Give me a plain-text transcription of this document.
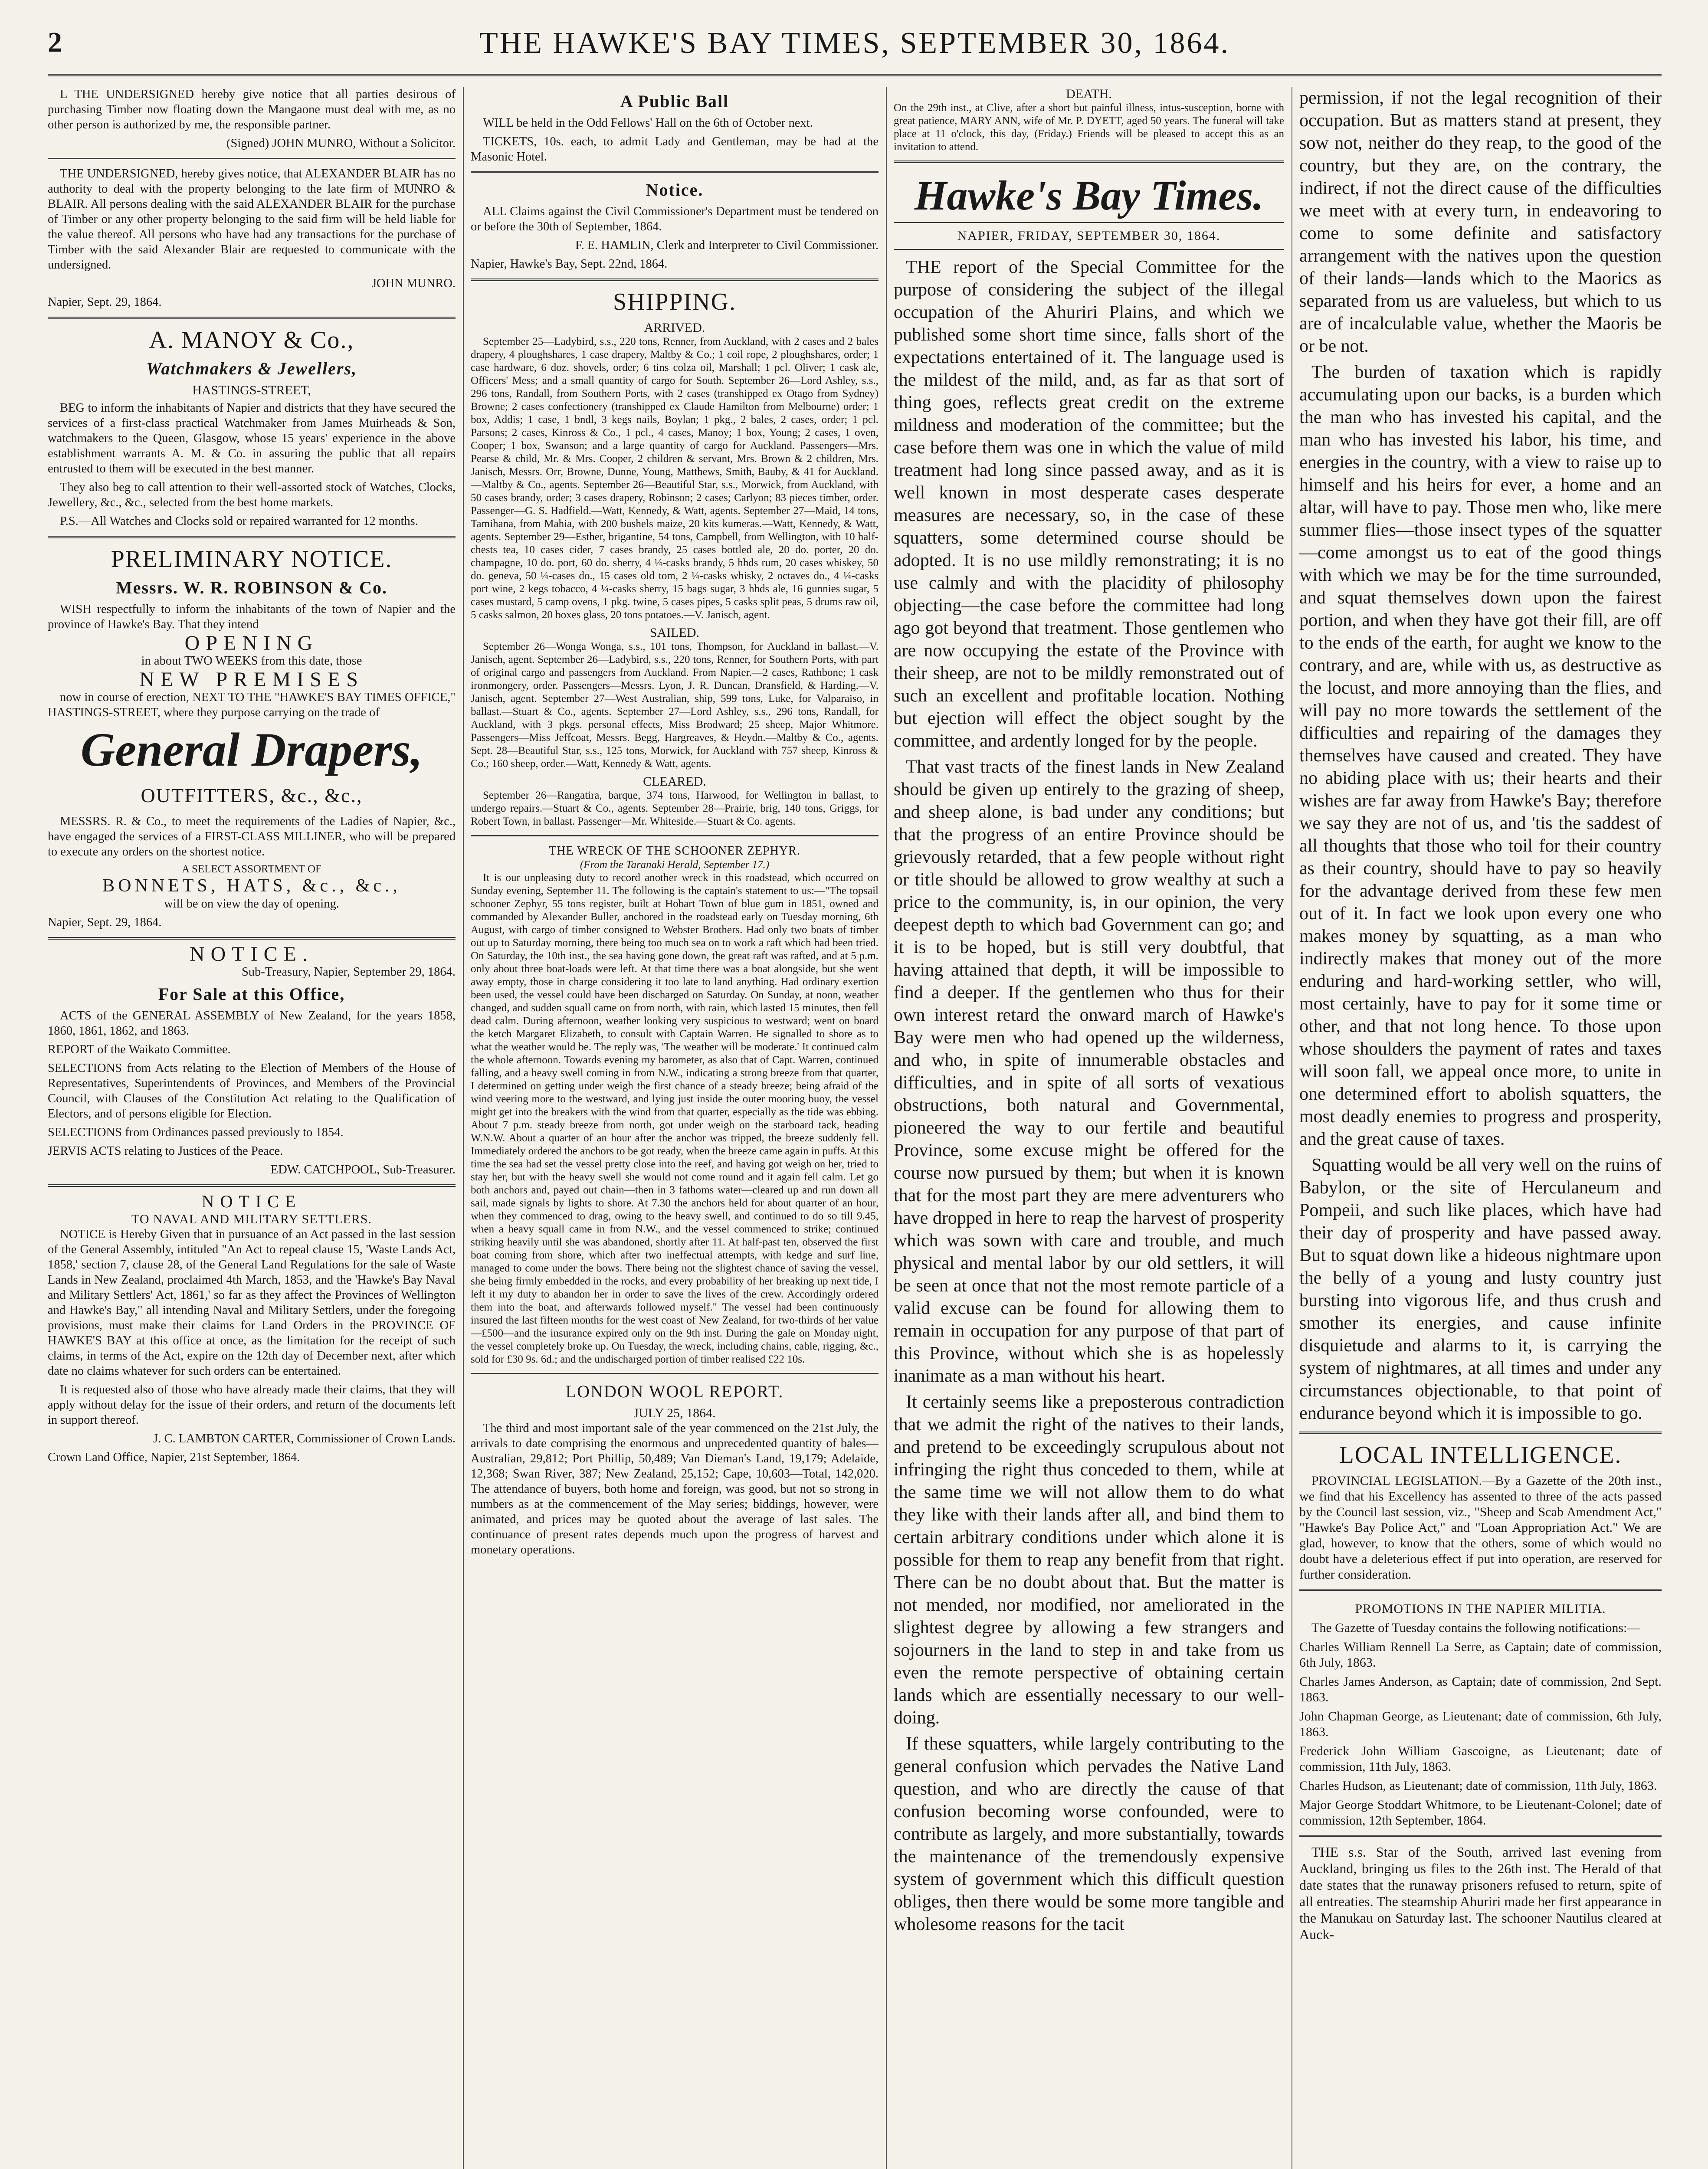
2	THE HAWKE'S BAY TIMES, SEPTEMBER 30, 1864.

L THE UNDERSIGNED hereby give notice that all parties desirous of purchasing Timber now floating down the Mangaone must deal with me, as no other person is authorized by me, the responsible partner.

(Signed) JOHN MUNRO, Without a Solicitor.

THE UNDERSIGNED, hereby gives notice, that ALEXANDER BLAIR has no authority to deal with the property belonging to the late firm of MUNRO & BLAIR. All persons dealing with the said ALEXANDER BLAIR for the purchase of Timber or any other property belonging to the said firm will be held liable for the value thereof. All persons who have had any transactions for the purchase of Timber with the said Alexander Blair are requested to communicate with the undersigned.

JOHN MUNRO.

Napier, Sept. 29, 1864.

A. MANOY & Co.,
Watchmakers & Jewellers,
HASTINGS-STREET,

BEG to inform the inhabitants of Napier and districts that they have secured the services of a first-class practical Watchmaker from James Muirheads & Son, watchmakers to the Queen, Glasgow, whose 15 years' experience in the above establishment warrants A. M. & Co. in assuring the public that all repairs entrusted to them will be executed in the best manner.

They also beg to call attention to their well-assorted stock of Watches, Clocks, Jewellery, &c., &c., selected from the best home markets.

P.S.—All Watches and Clocks sold or repaired warranted for 12 months.

PRELIMINARY NOTICE.
Messrs. W. R. ROBINSON & Co.

WISH respectfully to inform the inhabitants of the town of Napier and the province of Hawke's Bay. That they intend

OPENING

in about TWO WEEKS from this date, those

NEW PREMISES

now in course of erection, NEXT TO THE "HAWKE'S BAY TIMES OFFICE," HASTINGS-STREET, where they purpose carrying on the trade of

General Drapers,
OUTFITTERS, &c., &c.,

MESSRS. R. & Co., to meet the requirements of the Ladies of Napier, &c., have engaged the services of a FIRST-CLASS MILLINER, who will be prepared to execute any orders on the shortest notice.

A SELECT ASSORTMENT OF
BONNETS, HATS, &c., &c.,

will be on view the day of opening.

Napier, Sept. 29, 1864.

NOTICE.

Sub-Treasury, Napier, September 29, 1864.

For Sale at this Office,

ACTS of the GENERAL ASSEMBLY of New Zealand, for the years 1858, 1860, 1861, 1862, and 1863.

REPORT of the Waikato Committee.

SELECTIONS from Acts relating to the Election of Members of the House of Representatives, Superintendents of Provinces, and Members of the Provincial Council, with Clauses of the Constitution Act relating to the Qualification of Electors, and of persons eligible for Election.

SELECTIONS from Ordinances passed previously to 1854.

JERVIS ACTS relating to Justices of the Peace.

EDW. CATCHPOOL, Sub-Treasurer.

NOTICE
TO NAVAL AND MILITARY SETTLERS.

NOTICE is Hereby Given that in pursuance of an Act passed in the last session of the General Assembly, intituled "An Act to repeal clause 15, 'Waste Lands Act, 1858,' section 7, clause 28, of the General Land Regulations for the sale of Waste Lands in New Zealand, proclaimed 4th March, 1853, and the 'Hawke's Bay Naval and Military Settlers' Act, 1861,' so far as they affect the Provinces of Wellington and Hawke's Bay," all intending Naval and Military Settlers, under the foregoing provisions, must make their claims for Land Orders in the PROVINCE OF HAWKE'S BAY at this office at once, as the limitation for the receipt of such claims, in terms of the Act, expire on the 12th day of December next, after which date no claims whatever for such orders can be entertained.

It is requested also of those who have already made their claims, that they will apply without delay for the issue of their orders, and return of the documents left in support thereof.

J. C. LAMBTON CARTER, Commissioner of Crown Lands.

Crown Land Office, Napier, 21st September, 1864.

A Public Ball

WILL be held in the Odd Fellows' Hall on the 6th of October next.

TICKETS, 10s. each, to admit Lady and Gentleman, may be had at the Masonic Hotel.

Notice.

ALL Claims against the Civil Commissioner's Department must be tendered on or before the 30th of September, 1864.

F. E. HAMLIN, Clerk and Interpreter to Civil Commissioner.

Napier, Hawke's Bay, Sept. 22nd, 1864.

SHIPPING.
ARRIVED.

September 25—Ladybird, s.s., 220 tons, Renner, from Auckland, with 2 cases and 2 bales drapery, 4 ploughshares, 1 case drapery, Maltby & Co.; 1 coil rope, 2 ploughshares, order; 1 case hardware, 6 doz. shovels, order; 6 tins colza oil, Marshall; 1 pcl. Oliver; 1 cask ale, Officers' Mess; and a small quantity of cargo for South. September 26—Lord Ashley, s.s., 296 tons, Randall, from Southern Ports, with 2 cases (transhipped ex Otago from Sydney) Browne; 2 cases confectionery (transhipped ex Claude Hamilton from Melbourne) order; 1 box, Addis; 1 case, 1 bndl, 3 kegs nails, Boylan; 1 pkg., 2 bales, 2 cases, order; 1 pcl. Parsons; 2 cases, Kinross & Co., 1 pcl., 4 cases, Manoy; 1 box, Young; 2 cases, 1 oven, Cooper; 1 box, Swanson; and a large quantity of cargo for Auckland. Passengers—Mrs. Pearse & child, Mr. & Mrs. Cooper, 2 children & servant, Mrs. Brown & 2 children, Mrs. Janisch, Messrs. Orr, Browne, Dunne, Young, Matthews, Smith, Bauby, & 41 for Auckland.—Maltby & Co., agents. September 26—Beautiful Star, s.s., Morwick, from Auckland, with 50 cases brandy, order; 3 cases drapery, Robinson; 2 cases; Carlyon; 83 pieces timber, order. Passenger—G. S. Hadfield.—Watt, Kennedy, & Watt, agents. September 27—Maid, 14 tons, Tamihana, from Mahia, with 200 bushels maize, 20 kits kumeras.—Watt, Kennedy, & Watt, agents. September 29—Esther, brigantine, 54 tons, Campbell, from Wellington, with 10 half-chests tea, 10 cases cider, 7 cases brandy, 25 cases bottled ale, 20 do. porter, 20 do. champagne, 10 do. port, 60 do. sherry, 4 ¼-casks brandy, 5 hhds rum, 20 cases whiskey, 50 do. geneva, 50 ¼-cases do., 15 cases old tom, 2 ¼-casks whisky, 2 octaves do., 4 ¼-casks port wine, 2 kegs tobacco, 4 ¼-casks sherry, 15 bags sugar, 3 hhds ale, 16 gunnies sugar, 5 cases mustard, 5 camp ovens, 1 pkg. twine, 5 cases pipes, 5 casks split peas, 5 drums raw oil, 5 casks salmon, 20 boxes glass, 20 tons potatoes.—V. Janisch, agent.

SAILED.

September 26—Wonga Wonga, s.s., 101 tons, Thompson, for Auckland in ballast.—V. Janisch, agent. September 26—Ladybird, s.s., 220 tons, Renner, for Southern Ports, with part of original cargo and passengers from Auckland. From Napier.—2 cases, Rathbone; 1 cask ironmongery, order. Passengers—Messrs. Lyon, J. R. Duncan, Dransfield, & Harding.—V. Janisch, agent. September 27—West Australian, ship, 599 tons, Luke, for Valparaiso, in ballast.—Stuart & Co., agents. September 27—Lord Ashley, s.s., 296 tons, Randall, for Auckland, with 3 pkgs. personal effects, Miss Brodward; 25 sheep, Major Whitmore. Passengers—Miss Jeffcoat, Messrs. Begg, Hargreaves, & Heydn.—Maltby & Co., agents. Sept. 28—Beautiful Star, s.s., 125 tons, Morwick, for Auckland with 757 sheep, Kinross & Co.; 160 sheep, order.—Watt, Kennedy & Watt, agents.

CLEARED.

September 26—Rangatira, barque, 374 tons, Harwood, for Wellington in ballast, to undergo repairs.—Stuart & Co., agents. September 28—Prairie, brig, 140 tons, Griggs, for Robert Town, in ballast. Passenger—Mr. Whiteside.—Stuart & Co. agents.

THE WRECK OF THE SCHOONER ZEPHYR.
(From the Taranaki Herald, September 17.)

It is our unpleasing duty to record another wreck in this roadstead, which occurred on Sunday evening, September 11. The following is the captain's statement to us:—"The topsail schooner Zephyr, 55 tons register, built at Hobart Town of blue gum in 1851, owned and commanded by Alexander Buller, anchored in the roadstead early on Tuesday morning, 6th August, with cargo of timber consigned to Webster Brothers. Had only two boats of timber out up to Saturday morning, there being too much sea on to work a raft which had been tried. On Saturday, the 10th inst., the sea having gone down, the great raft was rafted, and at 5 p.m. only about three boat-loads were left. At that time there was a boat alongside, but she went away empty, those in charge considering it too late to land anything. Had ordinary exertion been used, the vessel could have been discharged on Saturday. On Sunday, at noon, weather changed, and sudden squall came on from north, with rain, which lasted 15 minutes, then fell dead calm. During afternoon, weather looking very suspicious to westward; went on board the ketch Margaret Elizabeth, to consult with Captain Warren. He signalled to shore as to what the weather would be. The reply was, 'The weather will be moderate.' It continued calm the whole afternoon. Towards evening my barometer, as also that of Capt. Warren, continued falling, and a heavy swell coming in from N.W., indicating a strong breeze from that quarter, I determined on getting under weigh the first chance of a steady breeze; being afraid of the wind veering more to the westward, and lying just inside the outer mooring buoy, the vessel might get into the breakers with the wind from that quarter, especially as the tide was ebbing. About 7 p.m. steady breeze from north, got under weigh on the starboard tack, heading W.N.W. About a quarter of an hour after the anchor was tripped, the breeze suddenly fell. Immediately ordered the anchors to be got ready, when the breeze came again in puffs. At this time the sea had set the vessel pretty close into the reef, and having got weigh on her, tried to stay her, but with the heavy swell she would not come round and it again fell calm. Let go both anchors and, payed out chain—then in 3 fathoms water—cleared up and run down all sail, made signals by lights to shore. At 7.30 the anchors held for about quarter of an hour, when they commenced to drag, owing to the heavy swell, and continued to do so till 9.45, when a heavy squall came in from N.W., and the vessel commenced to strike; continued striking heavily until she was abandoned, shortly after 11. At half-past ten, observed the first boat coming from shore, which after two ineffectual attempts, with kedge and surf line, managed to come under the bows. There being not the slightest chance of saving the vessel, she being firmly embedded in the rocks, and every probability of her breaking up next tide, I left it my duty to abandon her in order to save the lives of the crew. Accordingly ordered them into the boat, and afterwards followed myself." The vessel had been continuously insured the last fifteen months for the west coast of New Zealand, for two-thirds of her value—£500—and the insurance expired only on the 9th inst. During the gale on Monday night, the vessel completely broke up. On Tuesday, the wreck, including chains, cable, rigging, &c., sold for £30 9s. 6d.; and the undischarged portion of timber realised £22 10s.

LONDON WOOL REPORT.
JULY 25, 1864.

The third and most important sale of the year commenced on the 21st July, the arrivals to date comprising the enormous and unprecedented quantity of bales—Australian, 29,812; Port Phillip, 50,489; Van Dieman's Land, 19,179; Adelaide, 12,368; Swan River, 387; New Zealand, 25,152; Cape, 10,603—Total, 142,020. The attendance of buyers, both home and foreign, was good, but not so strong in numbers as at the commencement of the May series; biddings, however, were animated, and prices may be quoted about the average of last sales. The continuance of present rates depends much upon the progress of harvest and monetary operations.

DEATH.

On the 29th inst., at Clive, after a short but painful illness, intus-susception, borne with great patience, MARY ANN, wife of Mr. P. DYETT, aged 50 years. The funeral will take place at 11 o'clock, this day, (Friday.) Friends will be pleased to accept this as an invitation to attend.

Hawke's Bay Times.
NAPIER, FRIDAY, SEPTEMBER 30, 1864.

THE report of the Special Committee for the purpose of considering the subject of the illegal occupation of the Ahuriri Plains, and which we published some short time since, falls short of the expectations entertained of it. The language used is the mildest of the mild, and, as far as that sort of thing goes, reflects great credit on the extreme mildness and moderation of the committee; but the case before them was one in which the value of mild treatment had long since passed away, and as it is well known in most desperate cases desperate measures are necessary, so, in the case of these squatters, some determined course should be adopted. It is no use mildly remonstrating; it is no use calmly and with the placidity of philosophy objecting—the case before the committee had long ago got beyond that treatment. Those gentlemen who are now occupying the estate of the Province with their sheep, are not to be mildly remonstrated out of such an excellent and profitable location. Nothing but ejection will effect the object sought by the committee, and ardently longed for by the people.

That vast tracts of the finest lands in New Zealand should be given up entirely to the grazing of sheep, and sheep alone, is bad under any conditions; but that the progress of an entire Province should be grievously retarded, that a few people without right or title should be allowed to grow wealthy at such a price to the community, is, in our opinion, the very deepest depth to which bad Government can go; and it is to be hoped, but is still very doubtful, that having attained that depth, it will be impossible to find a deeper. If the gentlemen who thus for their own interest retard the onward march of Hawke's Bay were men who had opened up the wilderness, and who, in spite of innumerable obstacles and difficulties, and in spite of all sorts of vexatious obstructions, both natural and Governmental, pioneered the way to our fertile and beautiful Province, some excuse might be offered for the course now pursued by them; but when it is known that for the most part they are mere adventurers who have dropped in here to reap the harvest of prosperity which was sown with care and trouble, and much physical and mental labor by our old settlers, it will be seen at once that not the most remote particle of a valid excuse can be found for allowing them to remain in occupation for any purpose of that part of this Province, without which she is as hopelessly inanimate as a man without his heart.

It certainly seems like a preposterous contradiction that we admit the right of the natives to their lands, and pretend to be exceedingly scrupulous about not infringing the right thus conceded to them, while at the same time we will not allow them to do what they like with their lands after all, and bind them to certain arbitrary conditions under which alone it is possible for them to reap any benefit from that right. There can be no doubt about that. But the matter is not mended, nor modified, nor ameliorated in the slightest degree by allowing a few strangers and sojourners in the land to step in and take from us even the remote perspective of obtaining certain lands which are essentially necessary to our well-doing.

If these squatters, while largely contributing to the general confusion which pervades the Native Land question, and who are directly the cause of that confusion becoming worse confounded, were to contribute as largely, and more substantially, towards the maintenance of the tremendously expensive system of government which this difficult question obliges, then there would be some more tangible and wholesome reasons for the tacit

permission, if not the legal recognition of their occupation. But as matters stand at present, they sow not, neither do they reap, to the good of the country, but they are, on the contrary, the indirect, if not the direct cause of the difficulties we meet with at every turn, in endeavoring to come to some definite and satisfactory arrangement with the natives upon the question of their lands—lands which to the Maorics as separated from us are valueless, but which to us are of incalculable value, whether the Maoris be or be not.

The burden of taxation which is rapidly accumulating upon our backs, is a burden which the man who has invested his capital, and the man who has invested his labor, his time, and energies in the country, with a view to raise up to himself and his heirs for ever, a home and an altar, will have to pay. Those men who, like mere summer flies—those insect types of the squatter—come amongst us to eat of the good things with which we may be for the time surrounded, and squat themselves down upon the fairest portion, and when they have got their fill, are off to the ends of the earth, for aught we know to the contrary, and are, while with us, as destructive as the locust, and more annoying than the flies, and will pay no more towards the settlement of the difficulties and repairing of the damages they themselves have caused and created. They have no abiding place with us; their hearts and their wishes are far away from Hawke's Bay; therefore we say they are not of us, and 'tis the saddest of all thoughts that those who toil for their country as their country, should have to pay so heavily for the advantage derived from these few men out of it. In fact we look upon every one who makes money by squatting, as a man who indirectly makes that money out of the more enduring and hard-working settler, who will, most certainly, have to pay for it some time or other, and that not long hence. To those upon whose shoulders the payment of rates and taxes will soon fall, we appeal once more, to unite in one determined effort to abolish squatters, the most deadly enemies to progress and prosperity, and the great cause of taxes.

Squatting would be all very well on the ruins of Babylon, or the site of Herculaneum and Pompeii, and such like places, which have had their day of prosperity and have passed away. But to squat down like a hideous nightmare upon the belly of a young and lusty country just bursting into vigorous life, and thus crush and smother its energies, and cause infinite disquietude and alarms to it, is carrying the system of nightmares, at all times and under any circumstances objectionable, to that point of endurance beyond which it is impossible to go.

LOCAL INTELLIGENCE.

PROVINCIAL LEGISLATION.—By a Gazette of the 20th inst., we find that his Excellency has assented to three of the acts passed by the Council last session, viz., "Sheep and Scab Amendment Act," "Hawke's Bay Police Act," and "Loan Appropriation Act." We are glad, however, to know that the others, some of which would no doubt have a deleterious effect if put into operation, are reserved for further consideration.

PROMOTIONS IN THE NAPIER MILITIA.

The Gazette of Tuesday contains the following notifications:—

Charles William Rennell La Serre, as Captain; date of commission, 6th July, 1863.

Charles James Anderson, as Captain; date of commission, 2nd Sept. 1863.

John Chapman George, as Lieutenant; date of commission, 6th July, 1863.

Frederick John William Gascoigne, as Lieutenant; date of commission, 11th July, 1863.

Charles Hudson, as Lieutenant; date of commission, 11th July, 1863.

Major George Stoddart Whitmore, to be Lieutenant-Colonel; date of commission, 12th September, 1864.

THE s.s. Star of the South, arrived last evening from Auckland, bringing us files to the 26th inst. The Herald of that date states that the runaway prisoners refused to return, spite of all entreaties. The steamship Ahuriri made her first appearance in the Manukau on Saturday last. The schooner Nautilus cleared at Auck-
